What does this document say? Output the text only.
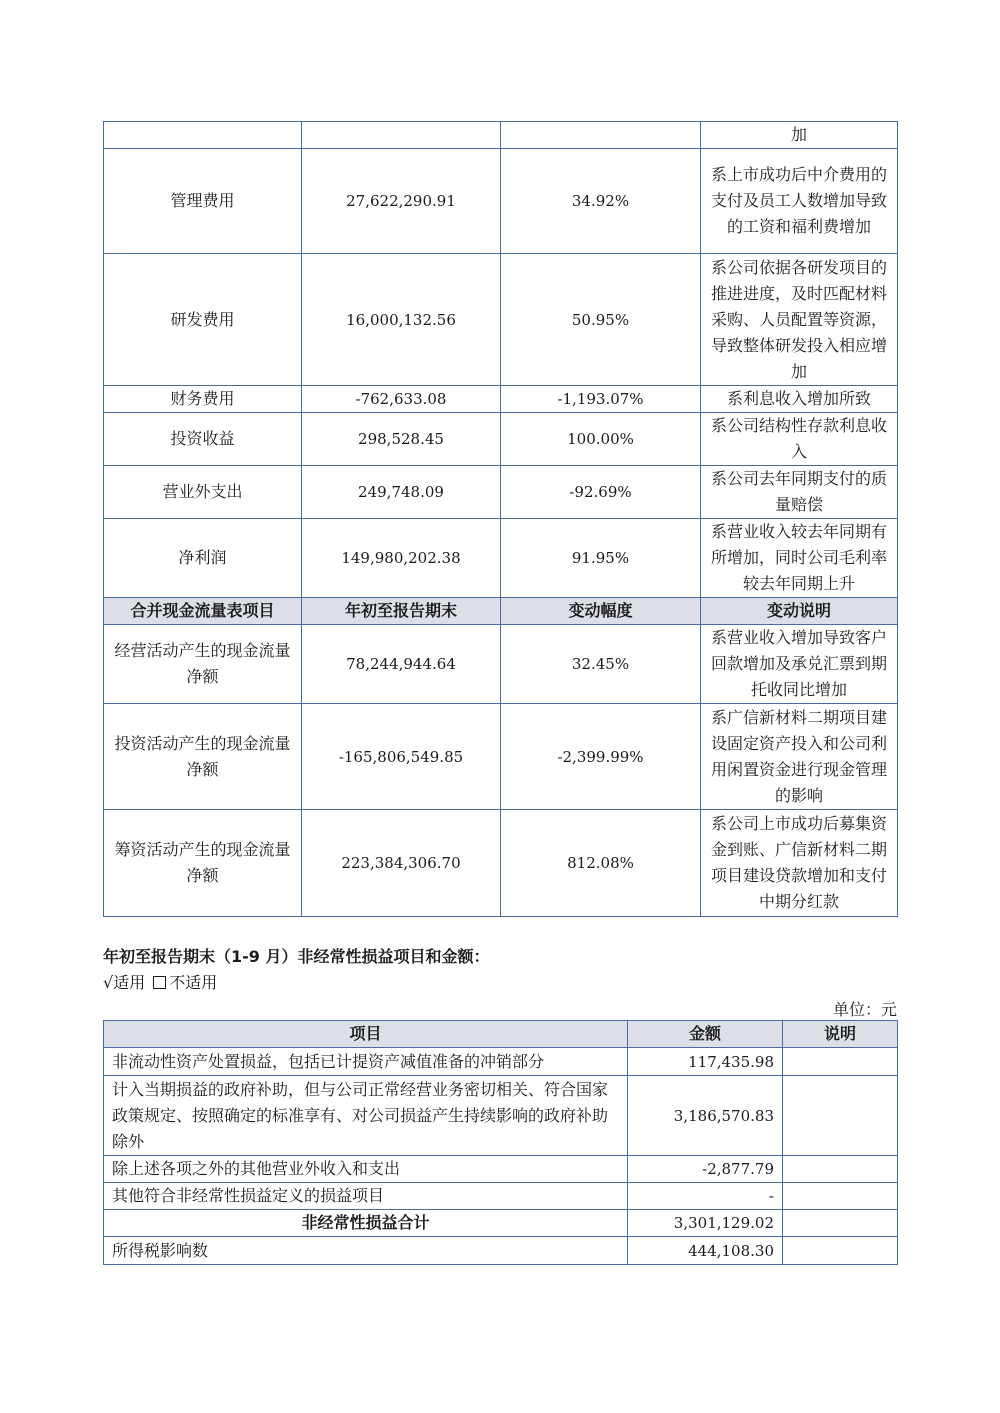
			加
管理费用	27,622,290.91	34.92%	系上市成功后中介费用的支付及员工人数增加导致的工资和福利费增加
研发费用	16,000,132.56	50.95%	系公司依据各研发项目的推进进度，及时匹配材料采购、人员配置等资源，导致整体研发投入相应增加
财务费用	-762,633.08	-1,193.07%	系利息收入增加所致
投资收益	298,528.45	100.00%	系公司结构性存款利息收入
营业外支出	249,748.09	-92.69%	系公司去年同期支付的质量赔偿
净利润	149,980,202.38	91.95%	系营业收入较去年同期有所增加，同时公司毛利率较去年同期上升
合并现金流量表项目	年初至报告期末	变动幅度	变动说明
经营活动产生的现金流量净额	78,244,944.64	32.45%	系营业收入增加导致客户回款增加及承兑汇票到期托收同比增加
投资活动产生的现金流量净额	-165,806,549.85	-2,399.99%	系广信新材料二期项目建设固定资产投入和公司利用闲置资金进行现金管理的影响
筹资活动产生的现金流量净额	223,384,306.70	812.08%	系公司上市成功后募集资金到账、广信新材料二期项目建设贷款增加和支付中期分红款
年初至报告期末（1-9 月）非经常性损益项目和金额：
√适用 不适用
单位：元
项目	金额	说明
非流动性资产处置损益，包括已计提资产减值准备的冲销部分	117,435.98	
计入当期损益的政府补助，但与公司正常经营业务密切相关、符合国家政策规定、按照确定的标准享有、对公司损益产生持续影响的政府补助除外	3,186,570.83	
除上述各项之外的其他营业外收入和支出	-2,877.79	
其他符合非经常性损益定义的损益项目	-	
非经常性损益合计	3,301,129.02	
所得税影响数	444,108.30	
